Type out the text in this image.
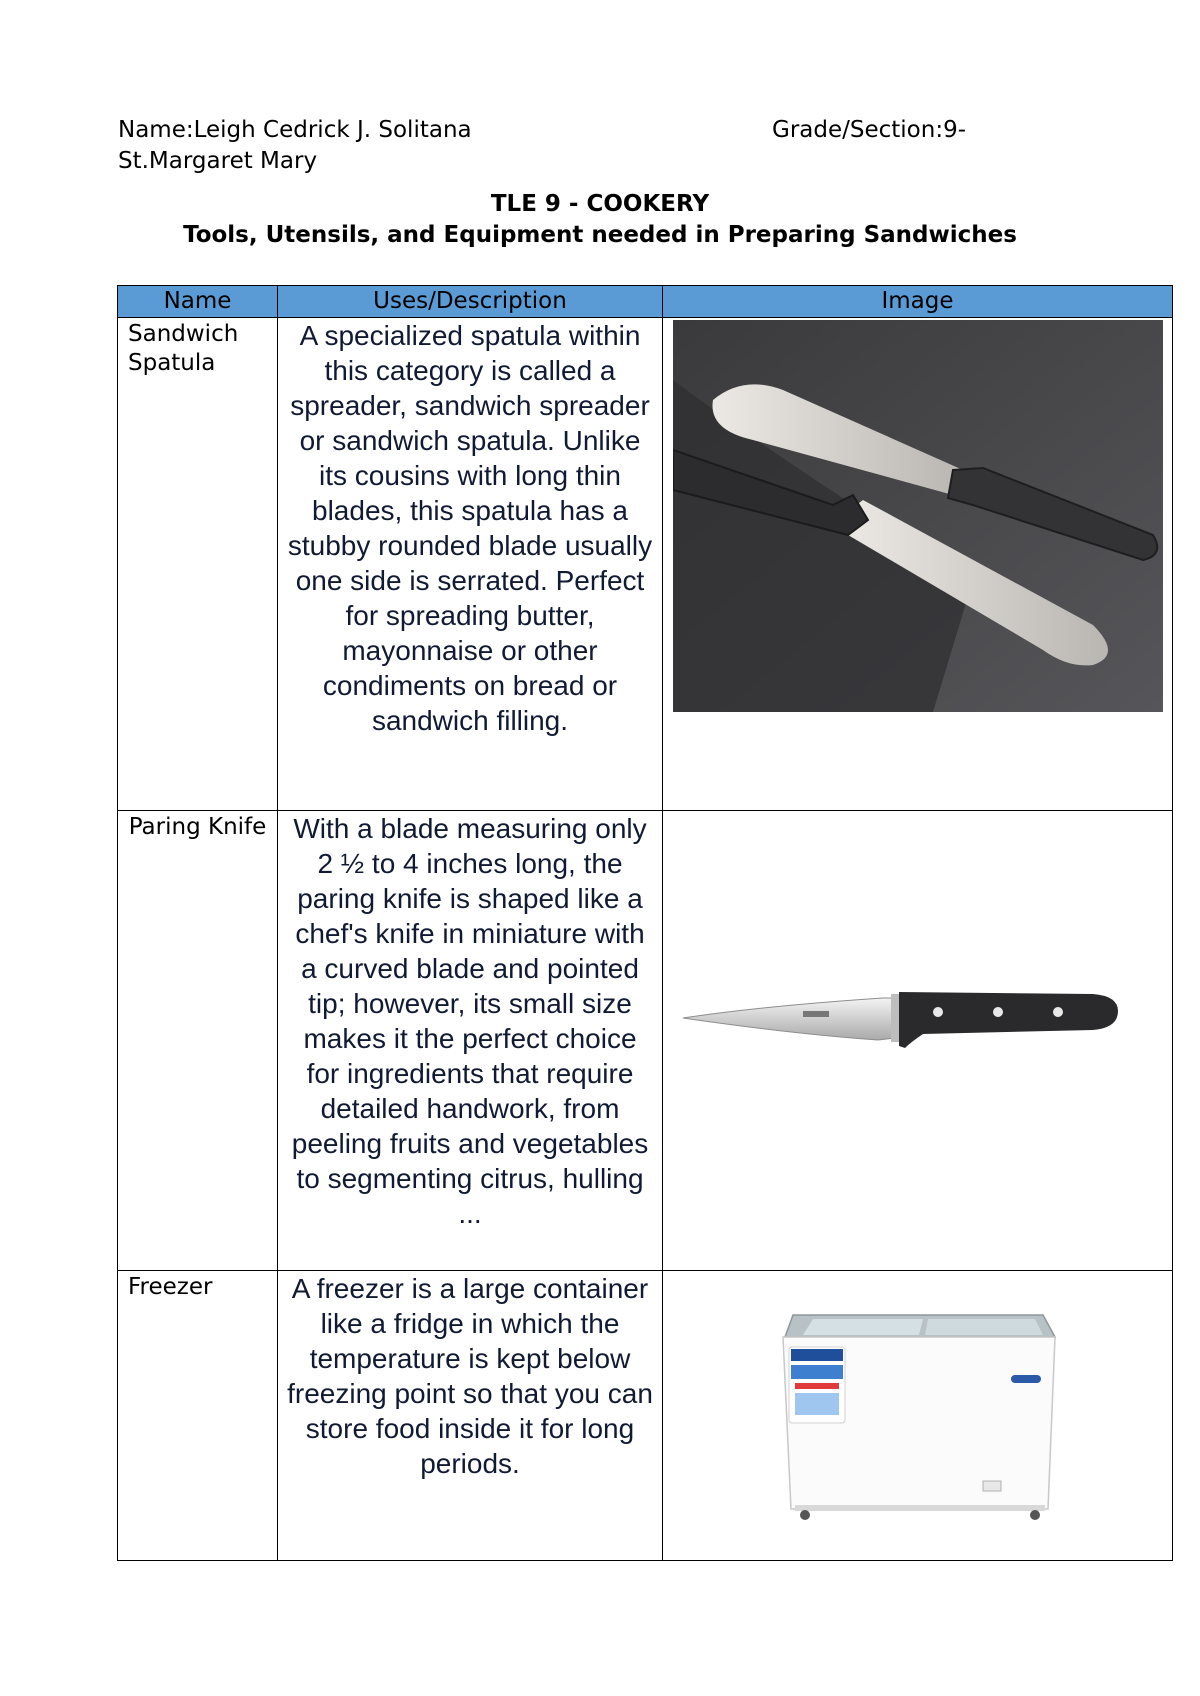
Name:Leigh Cedrick J. Solitana	Grade/Section:9-
St.Margaret Mary
TLE 9 - COOKERY
Tools, Utensils, and Equipment needed in Preparing Sandwiches
Name	Uses/Description	Image
Sandwich Spatula	A specialized spatula within this category is called a spreader, sandwich spreader or sandwich spatula. Unlike its cousins with long thin blades, this spatula has a stubby rounded blade usually one side is serrated. Perfect for spreading butter, mayonnaise or other condiments on bread or sandwich filling.	

Paring Knife	With a blade measuring only 2 ½ to 4 inches long, the paring knife is shaped like a chef's knife in miniature with a curved blade and pointed tip; however, its small size makes it the perfect choice for ingredients that require detailed handwork, from peeling fruits and vegetables to segmenting citrus, hulling ...	

Freezer	A freezer is a large container like a fridge in which the temperature is kept below freezing point so that you can store food inside it for long periods.	
